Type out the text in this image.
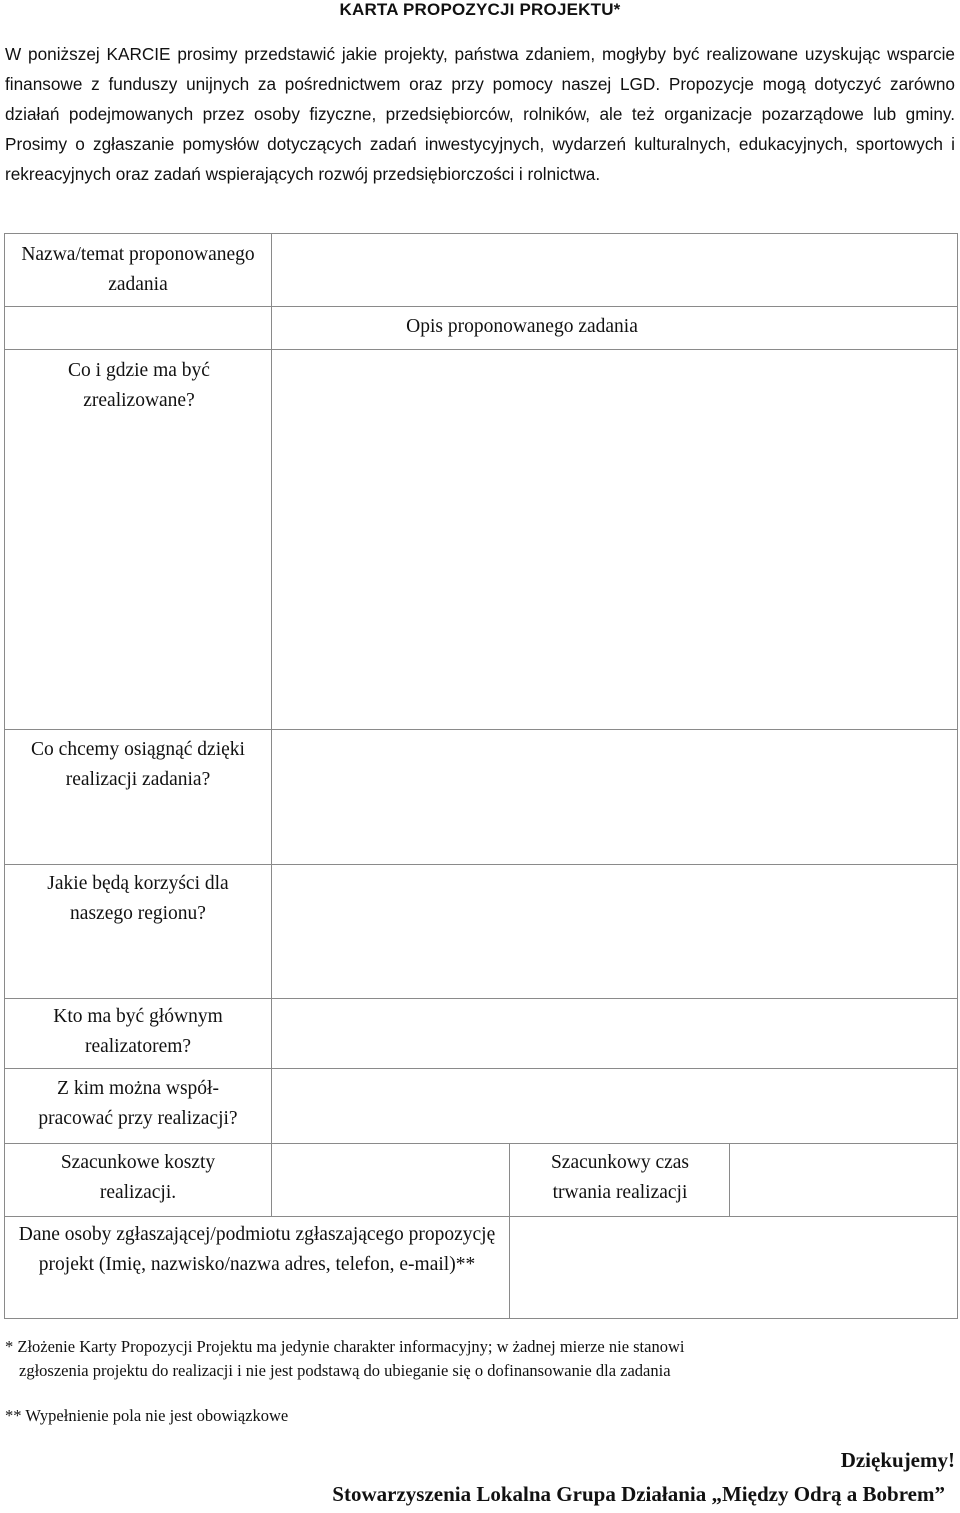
KARTA PROPOZYCJI PROJEKTU*

W poniższej KARCIE prosimy przedstawić jakie projekty, państwa zdaniem, mogłyby być realizowane uzyskując wsparcie finansowe z funduszy unijnych za pośrednictwem oraz przy pomocy naszej LGD. Propozycje mogą dotyczyć zarówno działań podejmowanych przez osoby fizyczne, przedsiębiorców, rolników, ale też organizacje pozarządowe lub gminy. Prosimy o zgłaszanie pomysłów dotyczących zadań inwestycyjnych, wydarzeń kulturalnych, edukacyjnych, sportowych i rekreacyjnych oraz zadań wspierających rozwój przedsiębiorczości i rolnictwa.

Nazwa/temat proponowanego zadania
Opis proponowanego zadania
Co i gdzie ma być zrealizowane?
Co chcemy osiągnąć dzięki realizacji zadania?
Jakie będą korzyści dla naszego regionu?
Kto ma być głównym realizatorem?
Z kim można współ-pracować przy realizacji?
Szacunkowe koszty realizacji.
Szacunkowy czas trwania realizacji
Dane osoby zgłaszającej/podmiotu zgłaszającego propozycję projekt (Imię, nazwisko/nazwa adres, telefon, e-mail)**

* Złożenie Karty Propozycji Projektu ma jedynie charakter informacyjny; w żadnej mierze nie stanowi
zgłoszenia projektu do realizacji i nie jest podstawą do ubieganie się o dofinansowanie dla zadania

** Wypełnienie pola nie jest obowiązkowe

Dziękujemy!
Stowarzyszenia Lokalna Grupa Działania „Między Odrą a Bobrem”
